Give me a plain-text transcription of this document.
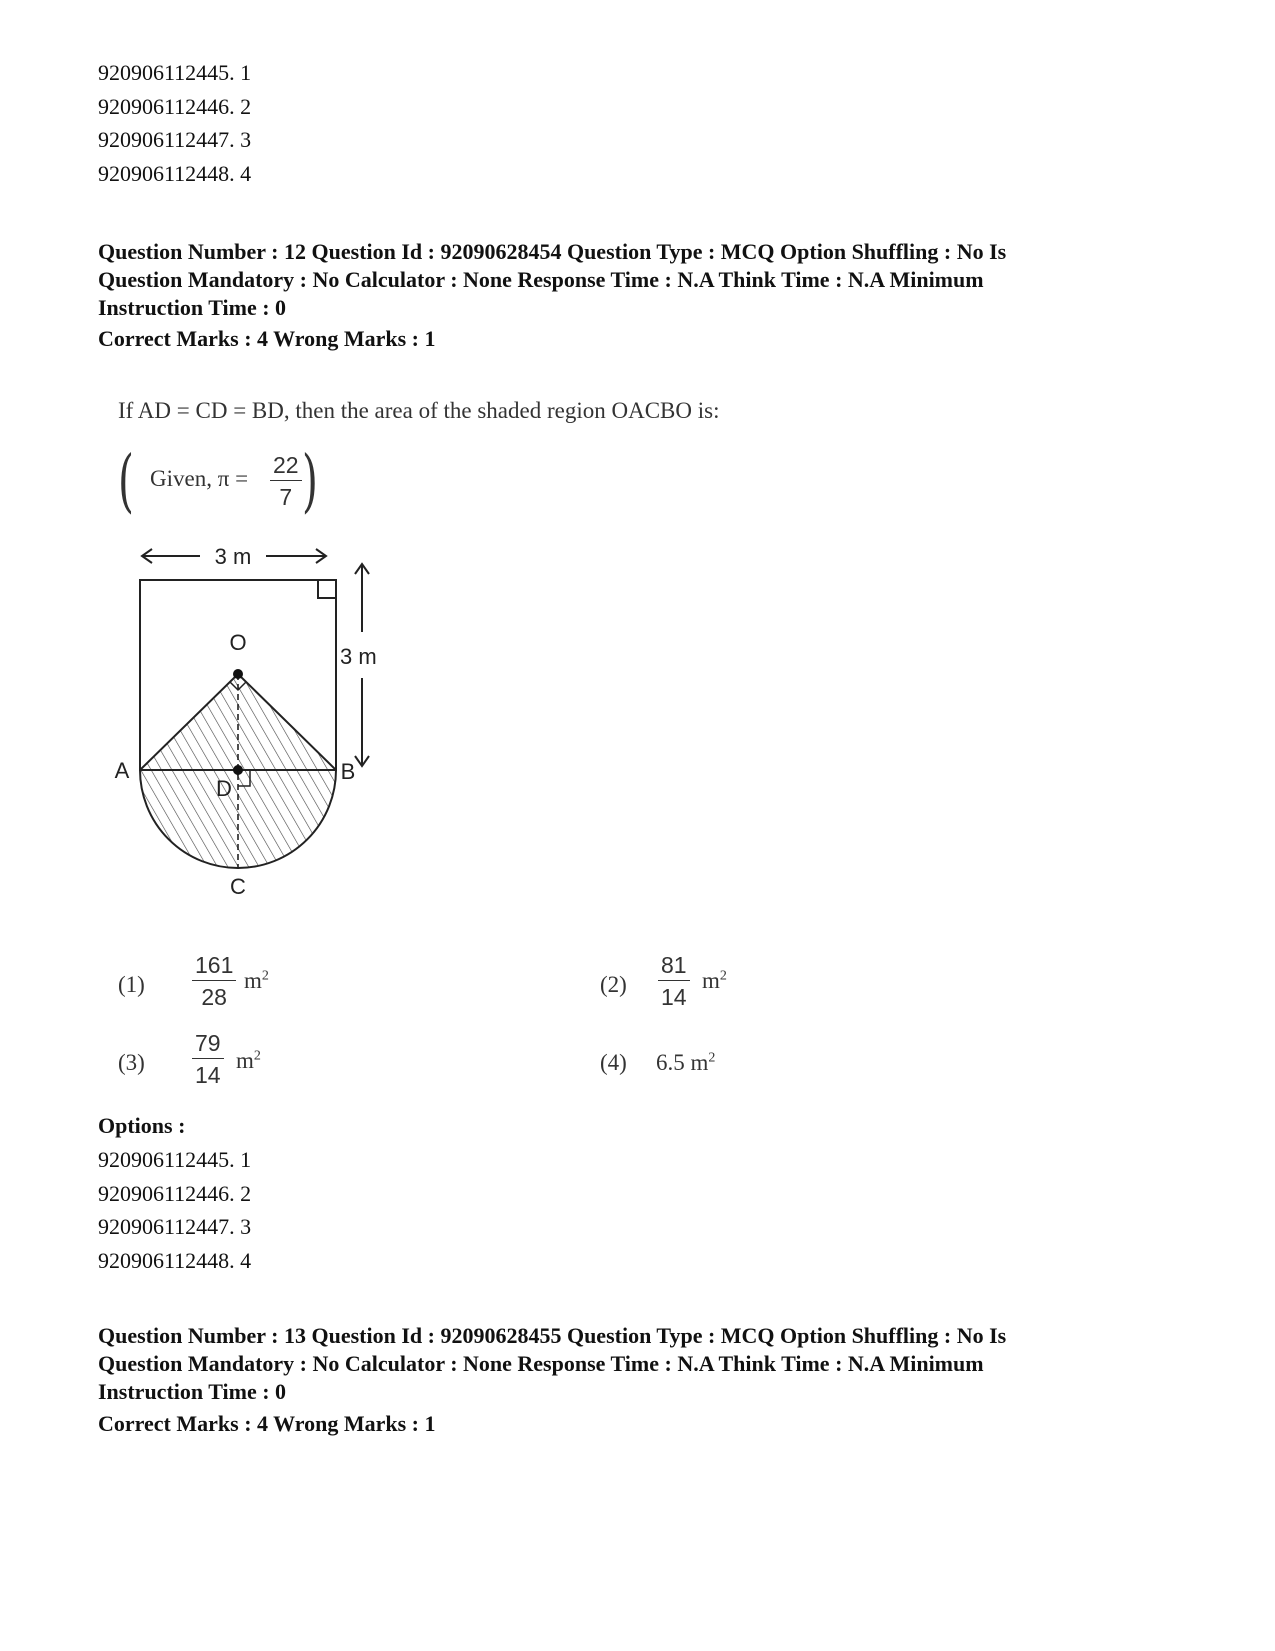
920906112445. 1
920906112446. 2
920906112447. 3
920906112448. 4
Question Number : 12 Question Id : 92090628454 Question Type : MCQ Option Shuffling : No Is
Question Mandatory : No Calculator : None Response Time : N.A Think Time : N.A Minimum
Instruction Time : 0
Correct Marks : 4 Wrong Marks : 1
If AD = CD = BD, then the area of the shaded region OACBO is:
( Given, $\pi = \frac{22}{7}$ )
3 m
3 m
O
A	B
D
C
$(1) \frac{161}{28} m^2$	$(2) \frac{81}{14} m^2$
$(3) \frac{79}{14} m^2$	(4) 6.5 $m^2$
Options :
920906112445. 1
920906112446. 2
920906112447. 3
920906112448. 4
Question Number : 13 Question Id : 92090628455 Question Type : MCQ Option Shuffling : No Is
Question Mandatory : No Calculator : None Response Time : N.A Think Time : N.A Minimum
Instruction Time : 0
Correct Marks : 4 Wrong Marks : 1
